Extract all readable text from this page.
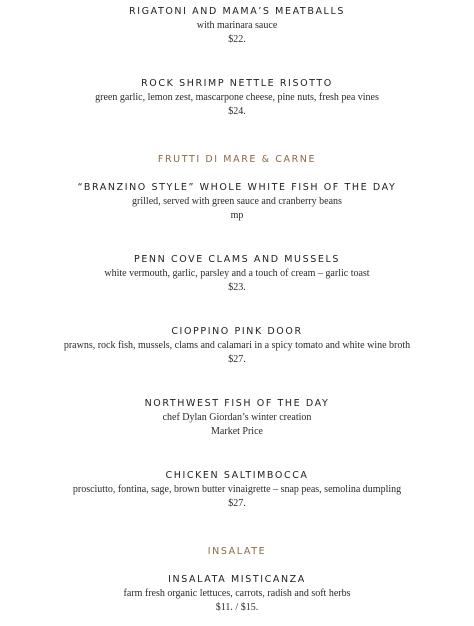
RIGATONI AND MAMA’S MEATBALLS
with marinara sauce
$22.
ROCK SHRIMP NETTLE RISOTTO
green garlic, lemon zest, mascarpone cheese, pine nuts, fresh pea vines
$24.
FRUTTI DI MARE & CARNE
“BRANZINO STYLE” WHOLE WHITE FISH OF THE DAY
grilled, served with green sauce and cranberry beans
mp
PENN COVE CLAMS AND MUSSELS
white vermouth, garlic, parsley and a touch of cream – garlic toast
$23.
CIOPPINO PINK DOOR
prawns, rock fish, mussels, clams and calamari in a spicy tomato and white wine broth
$27.
NORTHWEST FISH OF THE DAY
chef Dylan Giordan’s winter creation
Market Price
CHICKEN SALTIMBOCCA
prosciutto, fontina, sage, brown butter vinaigrette – snap peas, semolina dumpling
$27.
INSALATE
INSALATA MISTICANZA
farm fresh organic lettuces, carrots, radish and soft herbs
$11. / $15.
